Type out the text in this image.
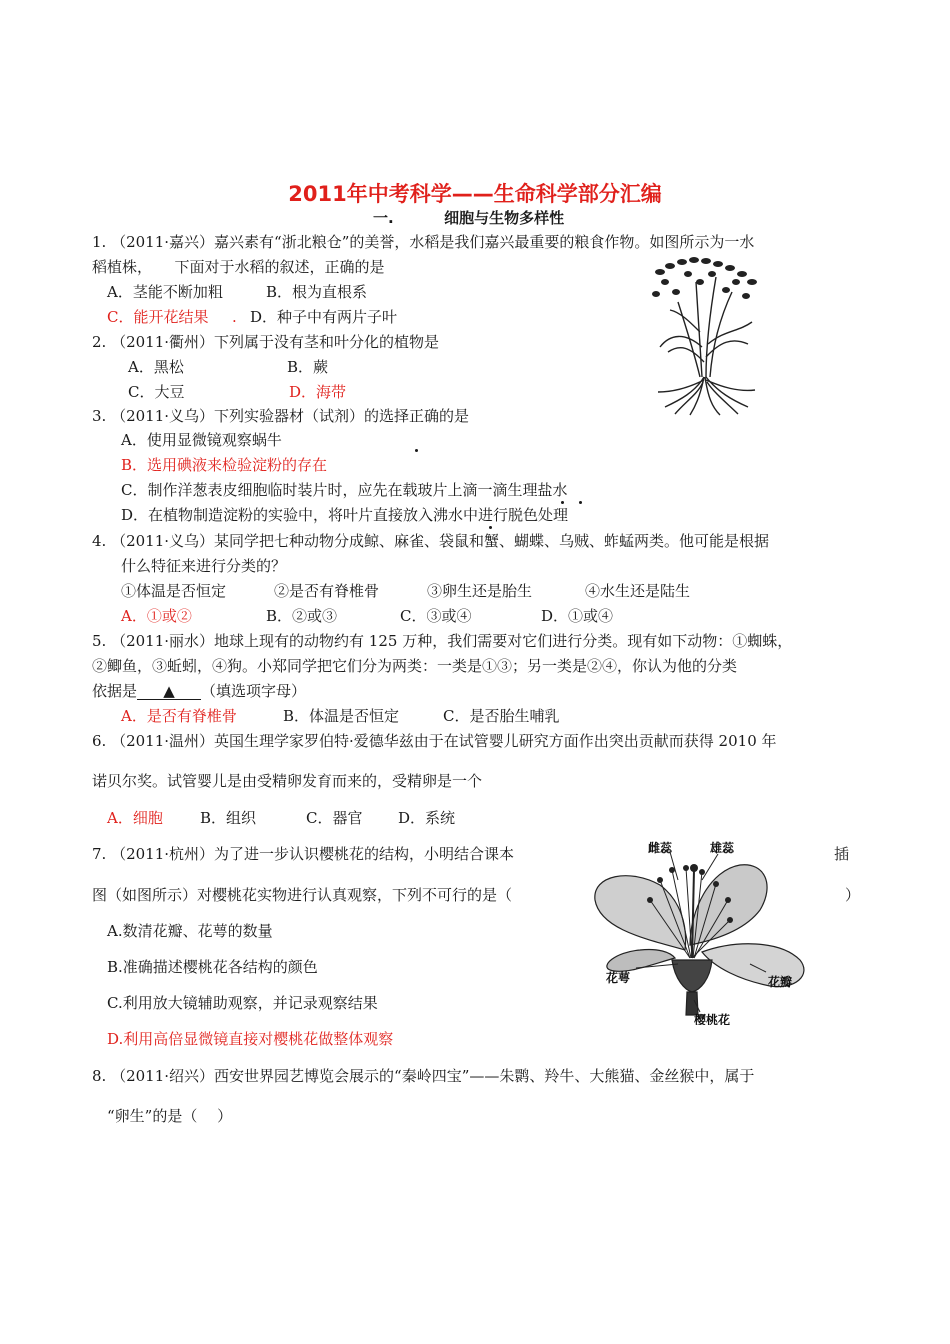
2011年中考科学——生命科学部分汇编
一.	细胞与生物多样性
1. （2011·嘉兴）嘉兴素有“浙北粮仓”的美誉，水稻是我们嘉兴最重要的粮食作物。如图所示为一水
稻植株，　　下面对于水稻的叙述，正确的是
A．茎能不断加粗	B．根为直根系
C．能开花结果 . D．种子中有两片子叶
2. （2011·衢州）下列属于没有茎和叶分化的植物是
A．黑松	B．蕨
C．大豆	D．海带
3. （2011·义乌）下列实验器材（试剂）的选择正确的是
A．使用显微镜观察蜗牛
B．选用碘液来检验淀粉的存在
C．制作洋葱表皮细胞临时装片时，应先在载玻片上滴一滴生理盐水
D．在植物制造淀粉的实验中，将叶片直接放入沸水中进行脱色处理
4. （2011·义乌）某同学把七种动物分成鲸、麻雀、袋鼠和蟹、蝴蝶、乌贼、蚱蜢两类。他可能是根据
什么特征来进行分类的？
①体温是否恒定	②是否有脊椎骨	③卵生还是胎生	④水生还是陆生
A．①或②	B．②或③	C．③或④	D．①或④
5. （2011·丽水）地球上现有的动物约有 125 万种，我们需要对它们进行分类。现有如下动物：①蜘蛛，
②鲫鱼，③蚯蚓，④狗。小郑同学把它们分为两类：一类是①③；另一类是②④，你认为他的分类
依据是 ▲ （填选项字母）
A．是否有脊椎骨	B．体温是否恒定	C．是否胎生哺乳
6. （2011·温州）英国生理学家罗伯特·爱德华兹由于在试管婴儿研究方面作出突出贡献而获得 2010 年
诺贝尔奖。试管婴儿是由受精卵发育而来的，受精卵是一个
A．细胞 B．组织	C．器官 D．系统
7. （2011·杭州）为了进一步认识樱桃花的结构，小明结合课本	插
图（如图所示）对樱桃花实物进行认真观察，下列不可行的是（	）
A.数清花瓣、花萼的数量
B.准确描述樱桃花各结构的颜色
C.利用放大镜辅助观察，并记录观察结果
D.利用高倍显微镜直接对樱桃花做整体观察
雌蕊	雄蕊
花萼	花瓣
樱桃花
8. （2011·绍兴）西安世界园艺博览会展示的“秦岭四宝”——朱鹮、羚牛、大熊猫、金丝猴中，属于
“卵生”的是（　 ）
